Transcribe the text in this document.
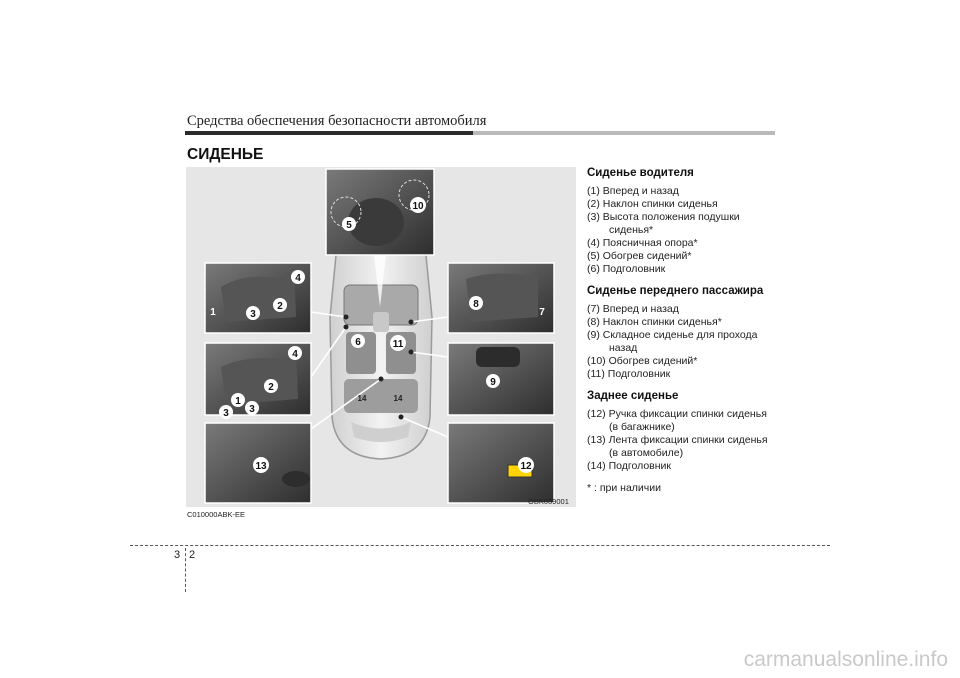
Средства обеспечения безопасности автомобиля
СИДЕНЬЕ
1
2
3
4
5
6
7
8
9
10
11
12
13
14	14
1
2
3 3
4
OBK039001
C010000ABK-EE
Сиденье водителя
(1) Вперед и назад
(2) Наклон спинки сиденья
(3) Высота положения подушки
сиденья*
(4) Поясничная опора*
(5) Обогрев сидений*
(6) Подголовник
Сиденье переднего пассажира
(7) Вперед и назад
(8) Наклон спинки сиденья*
(9) Складное сиденье для прохода
назад
(10) Обогрев сидений*
(11) Подголовник
Заднее сиденье
(12) Ручка фиксации спинки сиденья
(в багажнике)
(13) Лента фиксации спинки сиденья
(в автомобиле)
(14) Подголовник
* : при наличии
3 2
carmanualsonline.info
